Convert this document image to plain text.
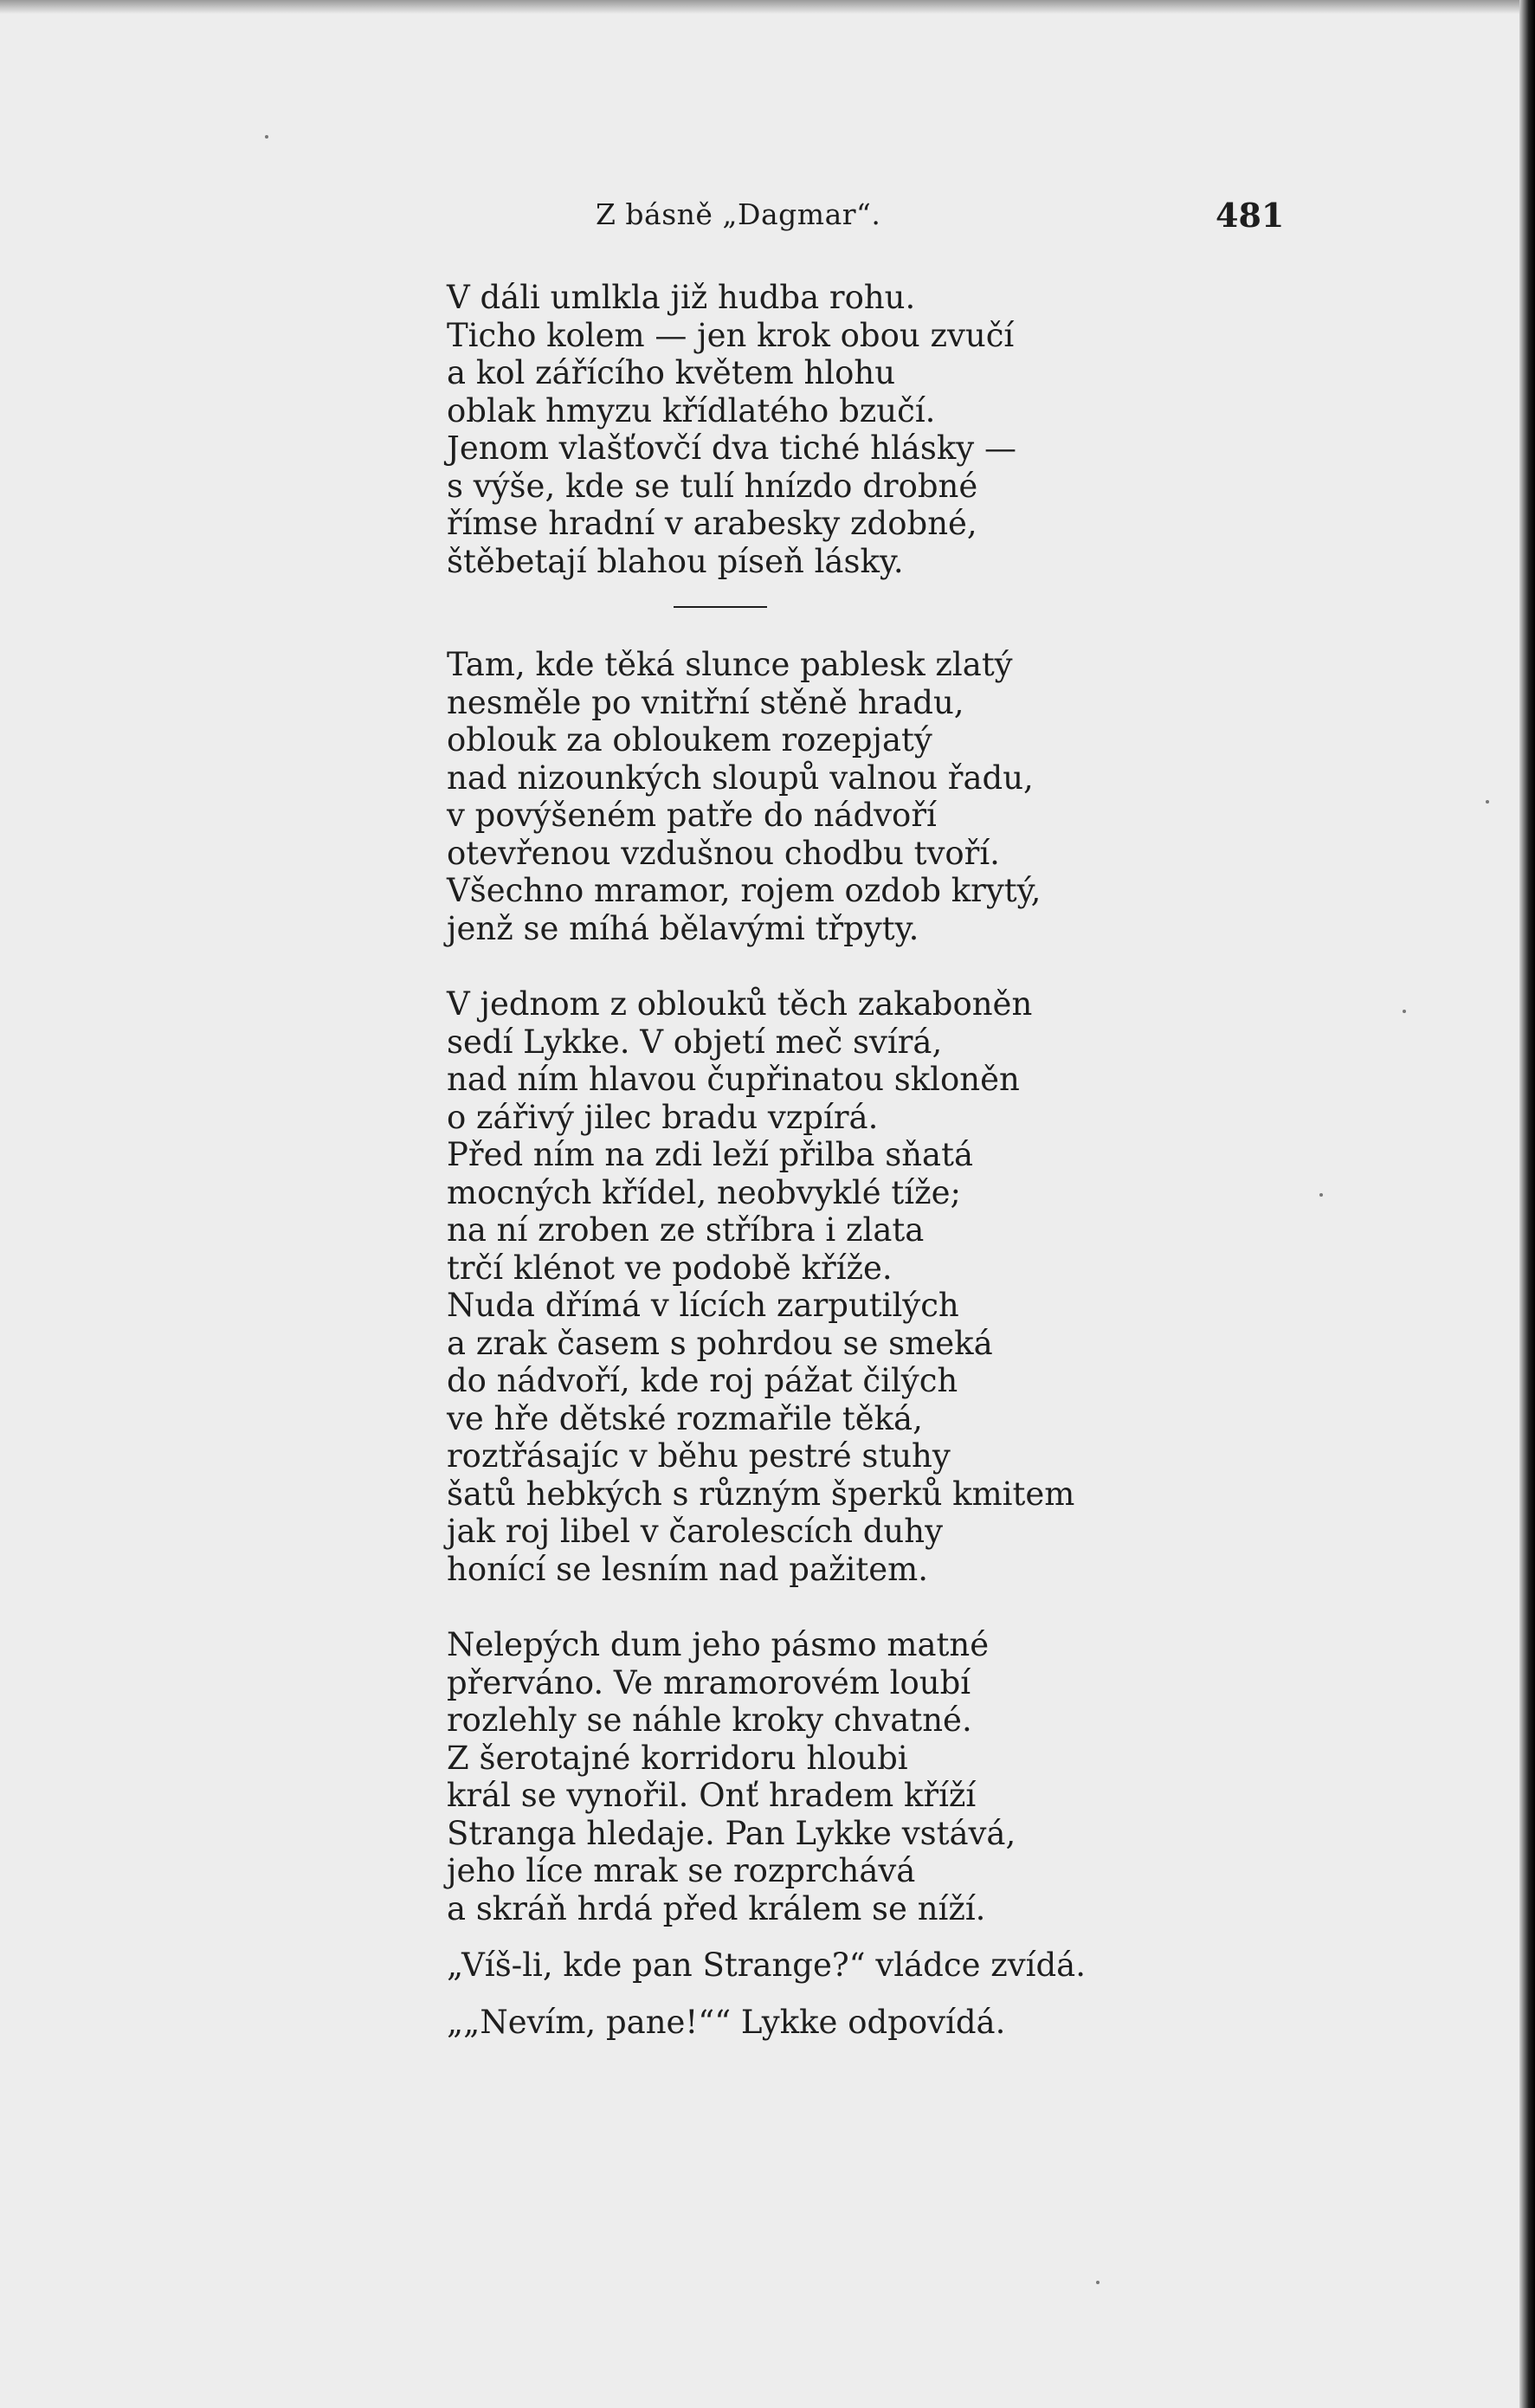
Z básně „Dagmar“.	481
V dáli umlkla již hudba rohu.
Ticho kolem — jen krok obou zvučí
a kol zářícího květem hlohu
oblak hmyzu křídlatého bzučí.
Jenom vlašťovčí dva tiché hlásky —
s výše, kde se tulí hnízdo drobné
římse hradní v arabesky zdobné,
štěbetají blahou píseň lásky.
Tam, kde těká slunce pablesk zlatý
nesměle po vnitřní stěně hradu,
oblouk za obloukem rozepjatý
nad nizounkých sloupů valnou řadu,
v povýšeném patře do nádvoří
otevřenou vzdušnou chodbu tvoří.
Všechno mramor, rojem ozdob krytý,
jenž se míhá bělavými třpyty.
V jednom z oblouků těch zakaboněn
sedí Lykke. V objetí meč svírá,
nad ním hlavou čupřinatou skloněn
o zářivý jilec bradu vzpírá.
Před ním na zdi leží přilba sňatá
mocných křídel, neobvyklé tíže;
na ní zroben ze stříbra i zlata
trčí klénot ve podobě kříže.
Nuda dřímá v lících zarputilých
a zrak časem s pohrdou se smeká
do nádvoří, kde roj pážat čilých
ve hře dětské rozmařile těká,
roztřásajíc v běhu pestré stuhy
šatů hebkých s různým šperků kmitem
jak roj libel v čarolescích duhy
honící se lesním nad pažitem.
Nelepých dum jeho pásmo matné
přerváno. Ve mramorovém loubí
rozlehly se náhle kroky chvatné.
Z šerotajné korridoru hloubi
král se vynořil. Onť hradem kříží
Stranga hledaje. Pan Lykke vstává,
jeho líce mrak se rozprchává
a skráň hrdá před králem se níží.
„Víš-li, kde pan Strange?“ vládce zvídá.
„„Nevím, pane!““ Lykke odpovídá.
